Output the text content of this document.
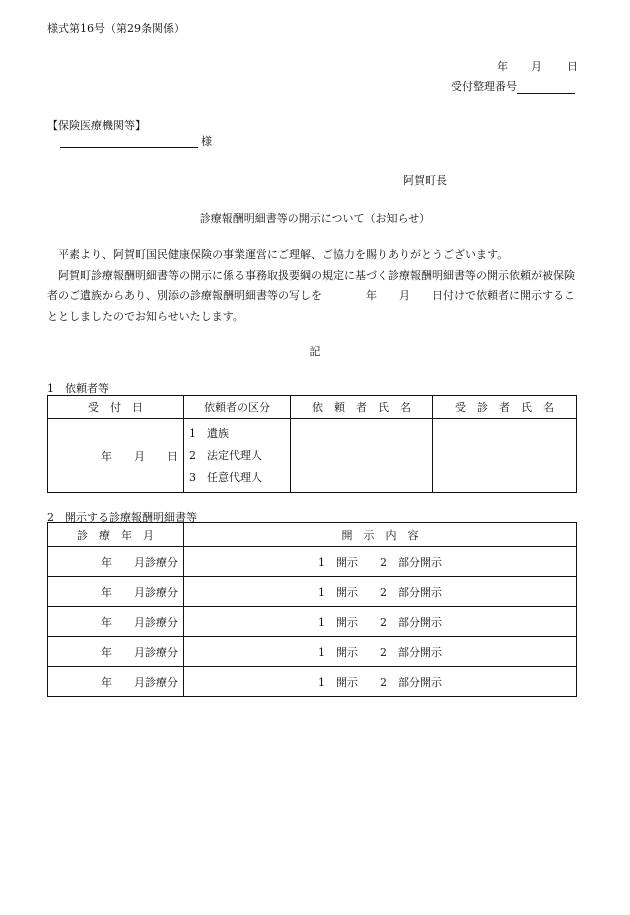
様式第16号（第29条関係）
年 月 日
受付整理番号
【保険医療機関等】
様
阿賀町長
診療報酬明細書等の開示について（お知らせ）

平素より、阿賀町国民健康保険の事業運営にご理解、ご協力を賜りありがとうございます。

阿賀町診療報酬明細書等の開示に係る事務取扱要綱の規定に基づく診療報酬明細書等の開示依頼が被保険者のご遺族からあり、別添の診療報酬明細書等の写しを　　　　年　　月　　日付けで依頼者に開示することとしましたのでお知らせいたします。

記
1　依頼者等
受　付　日	依頼者の区分	依　頼　者　氏　名	受　診　者　氏　名
年　　月　　日	1　遺族
2　法定代理人
3　任意代理人		

2　開示する診療報酬明細書等
診　療　年　月	開　示　内　容
年　　月診療分	1　開示　　2　部分開示
年　　月診療分	1　開示　　2　部分開示
年　　月診療分	1　開示　　2　部分開示
年　　月診療分	1　開示　　2　部分開示
年　　月診療分	1　開示　　2　部分開示
